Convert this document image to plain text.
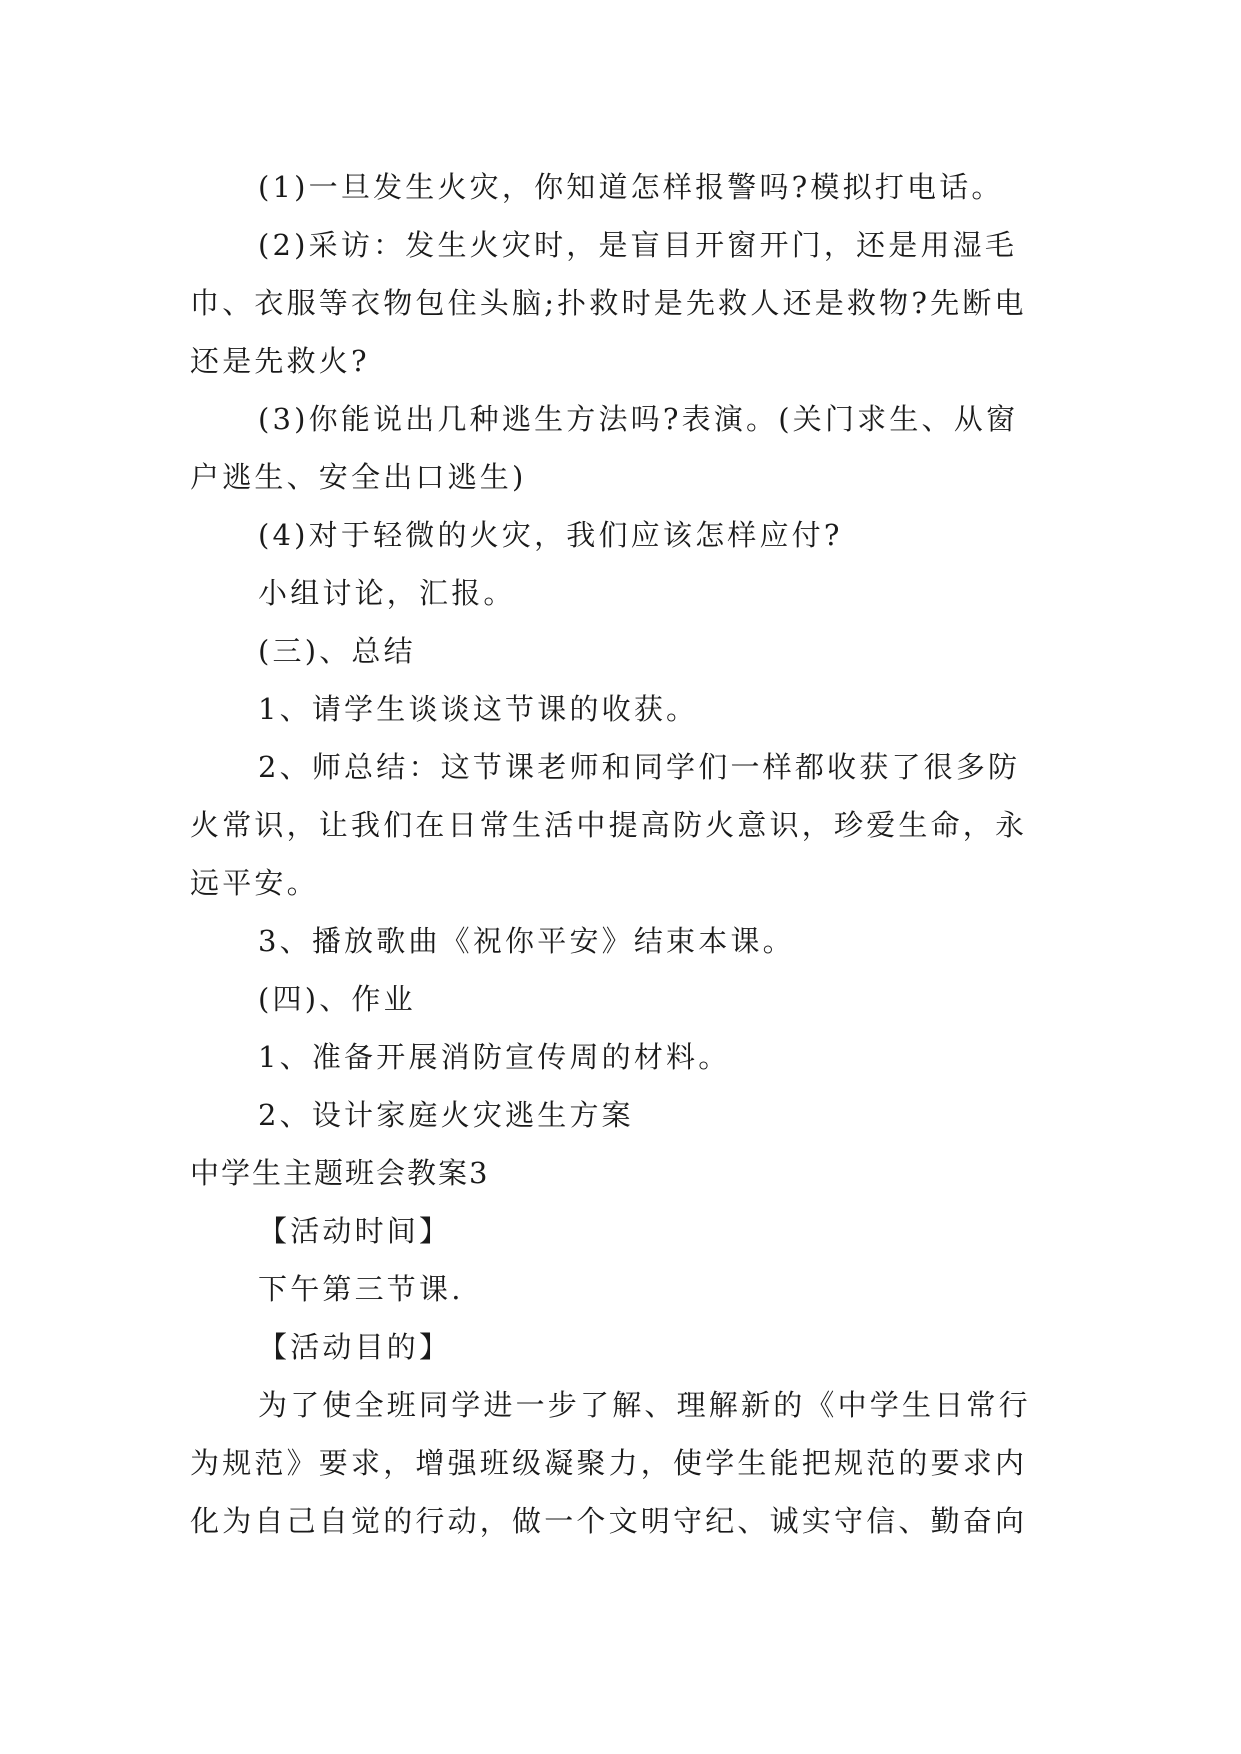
(1)一旦发生火灾，你知道怎样报警吗?模拟打电话。
(2)采访：发生火灾时，是盲目开窗开门，还是用湿毛
巾、衣服等衣物包住头脑;扑救时是先救人还是救物?先断电
还是先救火?
(3)你能说出几种逃生方法吗?表演。(关门求生、从窗
户逃生、安全出口逃生)
(4)对于轻微的火灾，我们应该怎样应付?
小组讨论，汇报。
(三)、总结
1、请学生谈谈这节课的收获。
2、师总结：这节课老师和同学们一样都收获了很多防
火常识，让我们在日常生活中提高防火意识，珍爱生命，永
远平安。
3、播放歌曲《祝你平安》结束本课。
(四)、作业
1、准备开展消防宣传周的材料。
2、设计家庭火灾逃生方案
中学生主题班会教案3
【活动时间】
下午第三节课.
【活动目的】
为了使全班同学进一步了解、理解新的《中学生日常行
为规范》要求，增强班级凝聚力，使学生能把规范的要求内
化为自己自觉的行动，做一个文明守纪、诚实守信、勤奋向
